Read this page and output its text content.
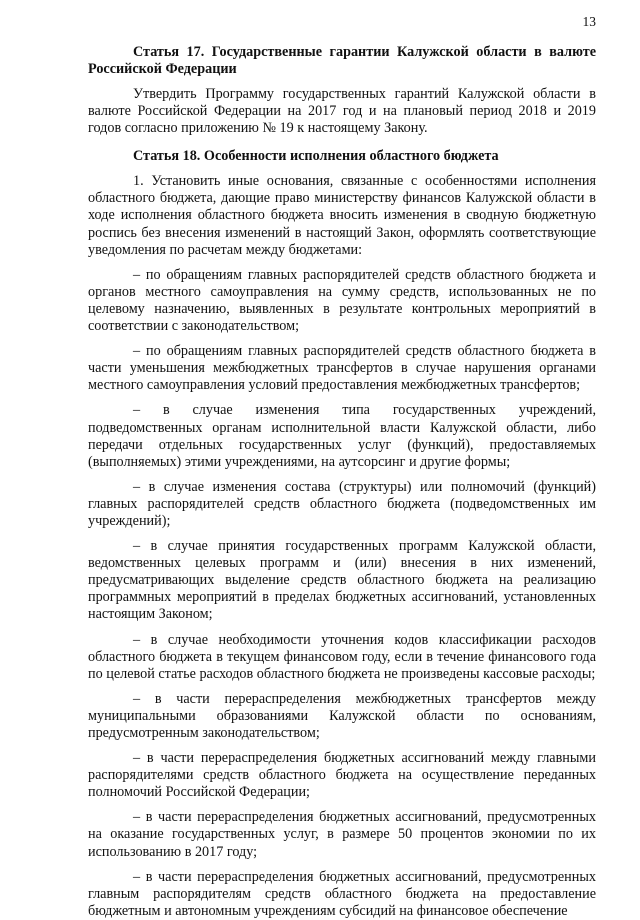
13

Статья 17. Государственные гарантии Калужской области в валюте Российской Федерации

Утвердить Программу государственных гарантий Калужской области в валюте Российской Федерации на 2017 год и на плановый период 2018 и 2019 годов согласно приложению № 19 к настоящему Закону.

Статья 18. Особенности исполнения областного бюджета

1. Установить иные основания, связанные с особенностями исполнения областного бюджета, дающие право министерству финансов Калужской области в ходе исполнения областного бюджета вносить изменения в сводную бюджетную роспись без внесения изменений в настоящий Закон, оформлять соответствующие уведомления по расчетам между бюджетами:

– по обращениям главных распорядителей средств областного бюджета и органов местного самоуправления на сумму средств, использованных не по целевому назначению, выявленных в результате контрольных мероприятий в соответствии с законодательством;

– по обращениям главных распорядителей средств областного бюджета в части уменьшения межбюджетных трансфертов в случае нарушения органами местного самоуправления условий предоставления межбюджетных трансфертов;

– в случае изменения типа государственных учреждений, подведомственных органам исполнительной власти Калужской области, либо передачи отдельных государственных услуг (функций), предоставляемых (выполняемых) этими учреждениями, на аутсорсинг и другие формы;

– в случае изменения состава (структуры) или полномочий (функций) главных распорядителей средств областного бюджета (подведомственных им учреждений);

– в случае принятия государственных программ Калужской области, ведомственных целевых программ и (или) внесения в них изменений, предусматривающих выделение средств областного бюджета на реализацию программных мероприятий в пределах бюджетных ассигнований, установленных настоящим Законом;

– в случае необходимости уточнения кодов классификации расходов областного бюджета в текущем финансовом году, если в течение финансового года по целевой статье расходов областного бюджета не произведены кассовые расходы;

– в части перераспределения межбюджетных трансфертов между муниципальными образованиями Калужской области по основаниям, предусмотренным законодательством;

– в части перераспределения бюджетных ассигнований между главными распорядителями средств областного бюджета на осуществление переданных полномочий Российской Федерации;

– в части перераспределения бюджетных ассигнований, предусмотренных на оказание государственных услуг, в размере 50 процентов экономии по их использованию в 2017 году;

– в части перераспределения бюджетных ассигнований, предусмотренных главным распорядителям средств областного бюджета на предоставление бюджетным и автономным учреждениям субсидий на финансовое обеспечение
